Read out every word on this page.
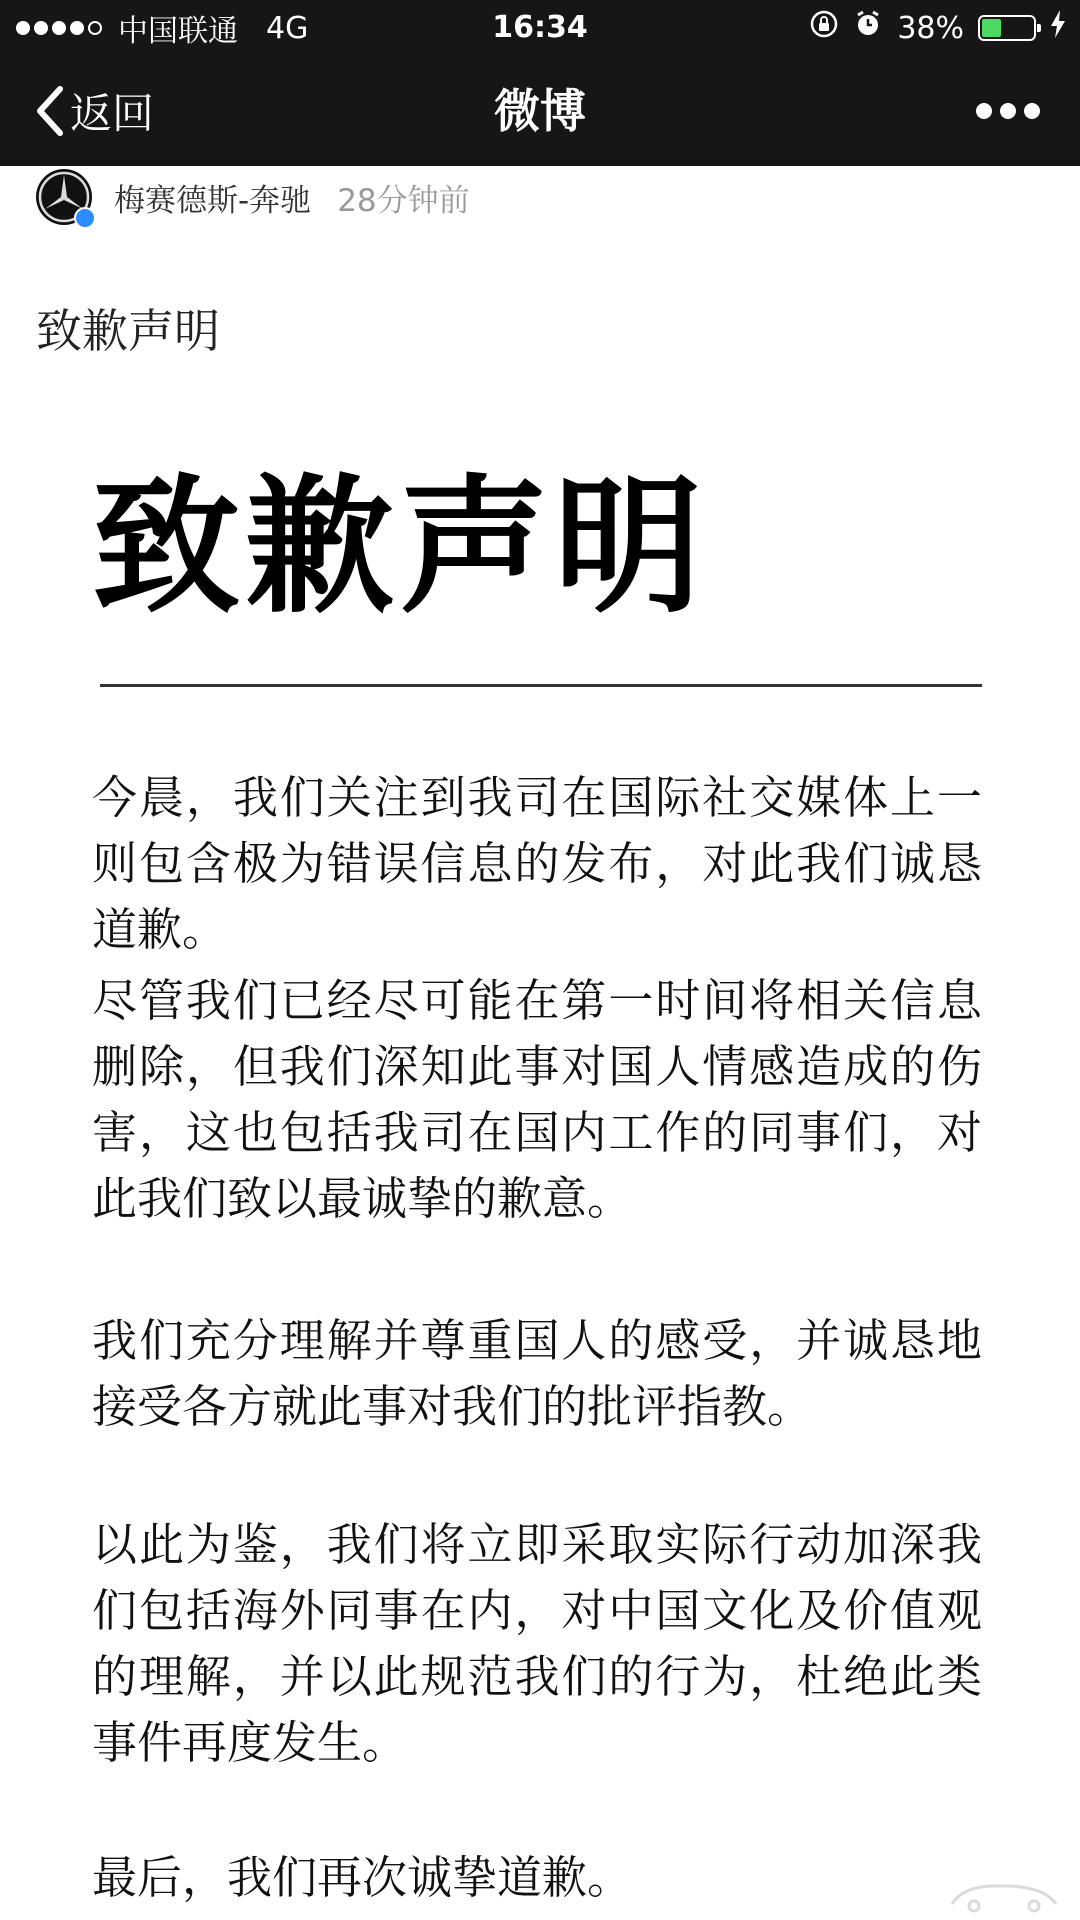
中国联通 4G	16:34	38%
返回	微博
梅赛德斯-奔驰 28分钟前
致歉声明
致歉声明

今晨，我们关注到我司在国际社交媒体上一则包含极为错误信息的发布，对此我们诚恳道歉。

尽管我们已经尽可能在第一时间将相关信息删除，但我们深知此事对国人情感造成的伤害，这也包括我司在国内工作的同事们，对此我们致以最诚挚的歉意。

我们充分理解并尊重国人的感受，并诚恳地接受各方就此事对我们的批评指教。

以此为鉴，我们将立即采取实际行动加深我们包括海外同事在内，对中国文化及价值观的理解，并以此规范我们的行为，杜绝此类事件再度发生。

最后，我们再次诚挚道歉。
